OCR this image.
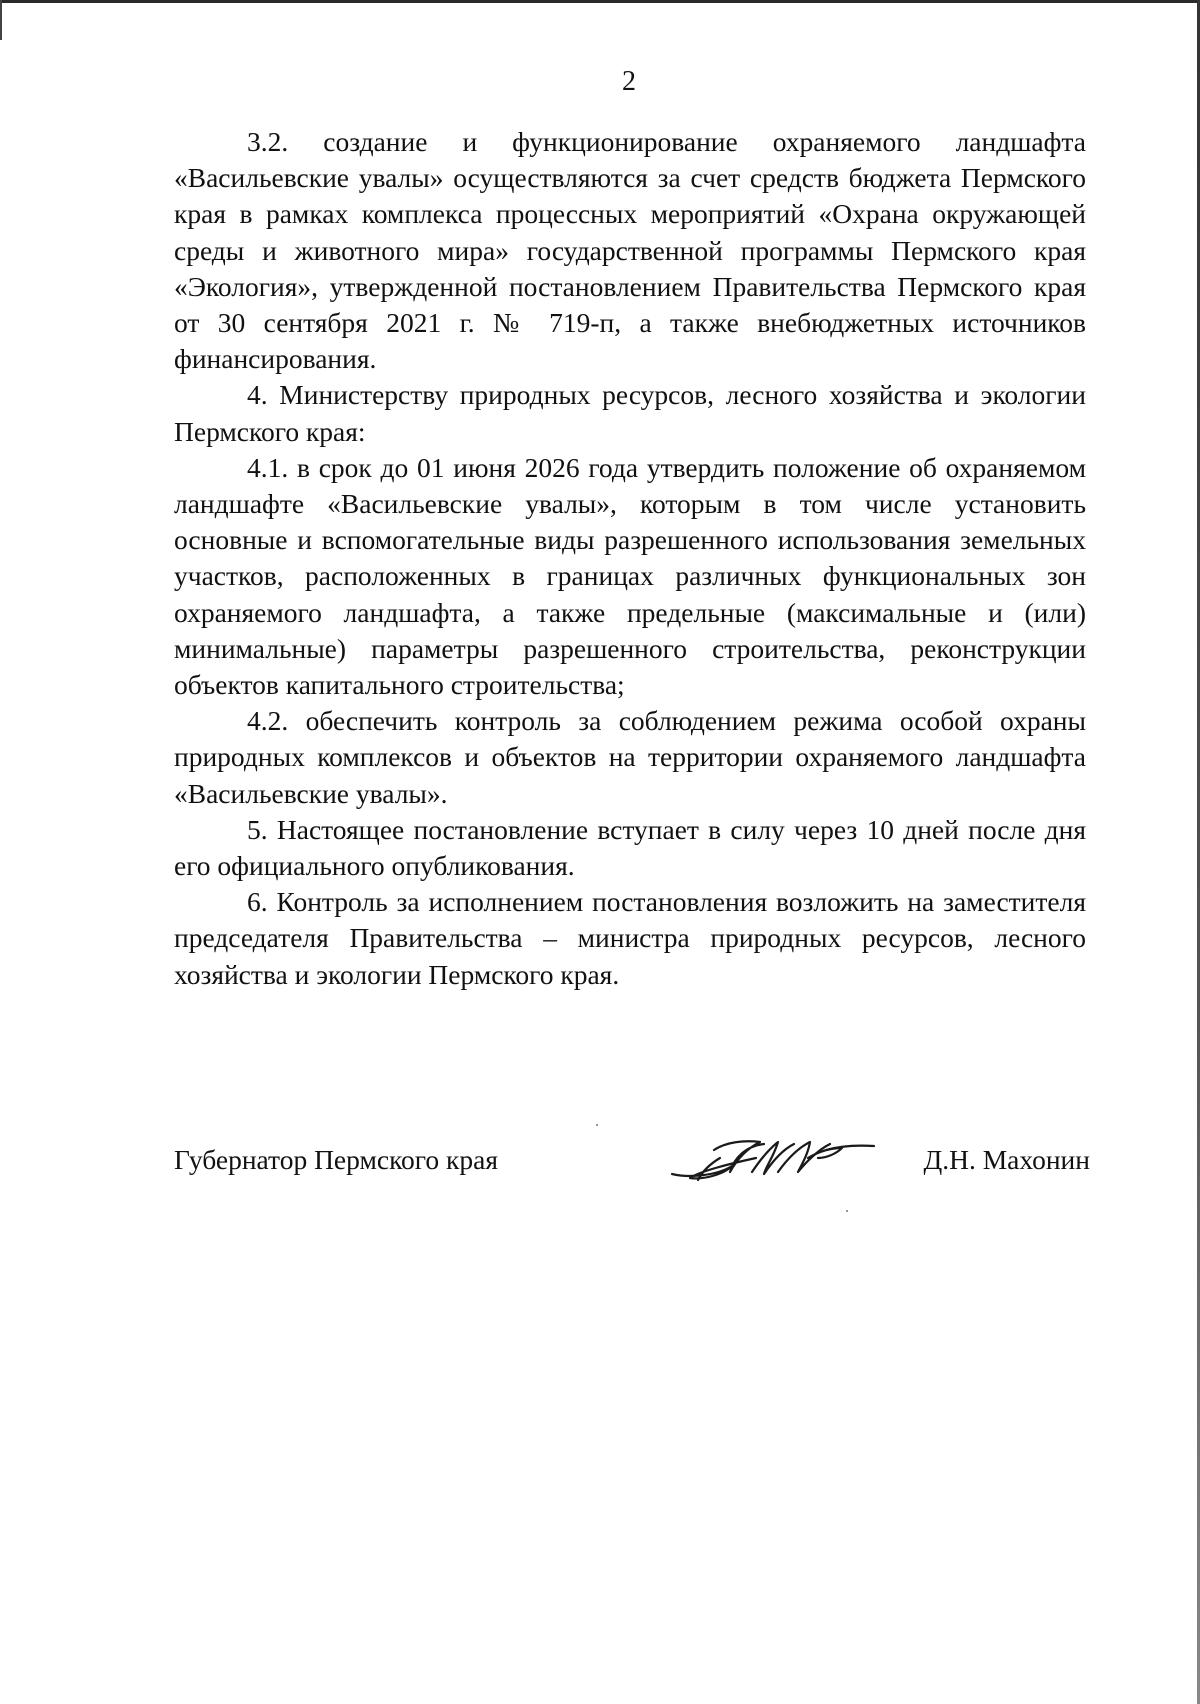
2

3.2. создание и функционирование охраняемого ландшафта «Васильевские увалы» осуществляются за счет средств бюджета Пермского края в рамках комплекса процессных мероприятий «Охрана окружающей среды и животного мира» государственной программы Пермского края «Экология», утвержденной постановлением Правительства Пермского края от 30 сентября 2021 г. № 719-п, а также внебюджетных источников финансирования.

4. Министерству природных ресурсов, лесного хозяйства и экологии Пермского края:

4.1. в срок до 01 июня 2026 года утвердить положение об охраняемом ландшафте «Васильевские увалы», которым в том числе установить основные и вспомогательные виды разрешенного использования земельных участков, расположенных в границах различных функциональных зон охраняемого ландшафта, а также предельные (максимальные и (или) минимальные) параметры разрешенного строительства, реконструкции объектов капитального строительства;

4.2. обеспечить контроль за соблюдением режима особой охраны природных комплексов и объектов на территории охраняемого ландшафта «Васильевские увалы».

5. Настоящее постановление вступает в силу через 10 дней после дня его официального опубликования.

6. Контроль за исполнением постановления возложить на заместителя председателя Правительства – министра природных ресурсов, лесного хозяйства и экологии Пермского края.

Губернатор Пермского края	Д.Н. Махонин
